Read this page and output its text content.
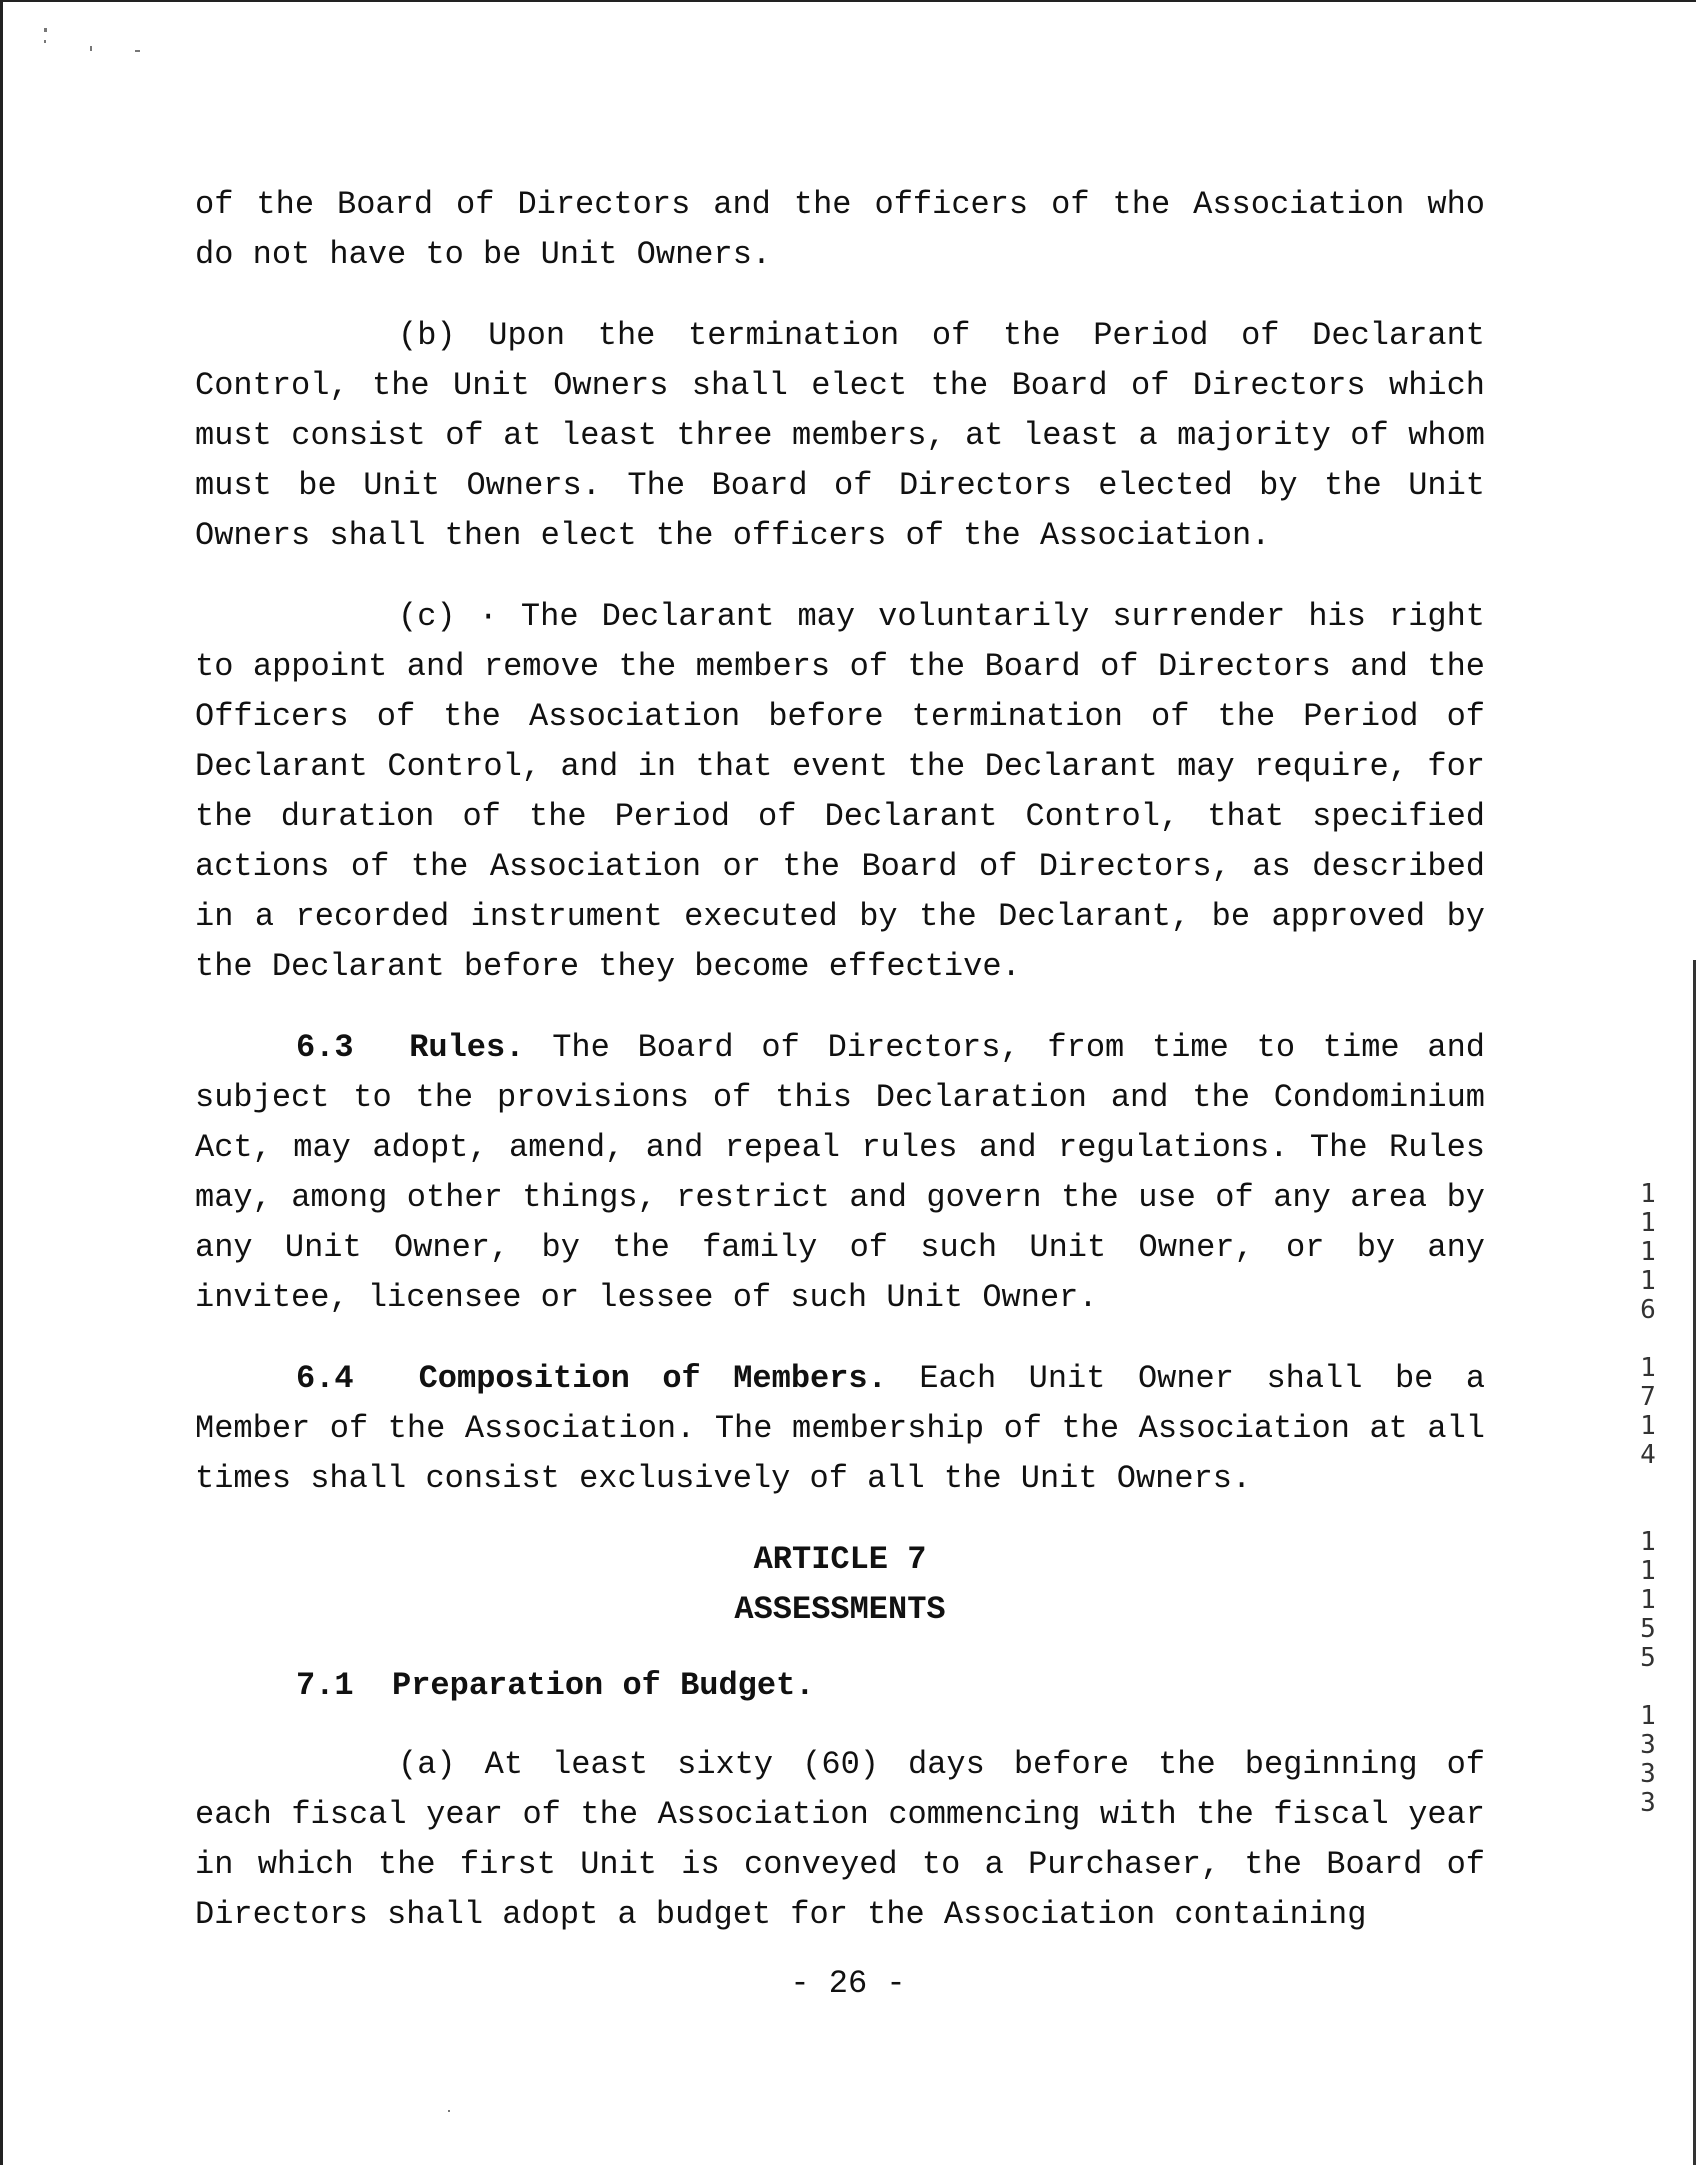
of the Board of Directors and the officers of the Association who do not have to be Unit Owners.

(b) Upon the termination of the Period of Declarant Control, the Unit Owners shall elect the Board of Directors which must consist of at least three members, at least a majority of whom must be Unit Owners. The Board of Directors elected by the Unit Owners shall then elect the officers of the Association.

(c) · The Declarant may voluntarily surrender his right to appoint and remove the members of the Board of Directors and the Officers of the Association before termination of the Period of Declarant Control, and in that event the Declarant may require, for the duration of the Period of Declarant Control, that specified actions of the Association or the Board of Directors, as described in a recorded instrument executed by the Declarant, be approved by the Declarant before they become effective.

6.3 Rules. The Board of Directors, from time to time and subject to the provisions of this Declaration and the Condominium Act, may adopt, amend, and repeal rules and regulations. The Rules may, among other things, restrict and govern the use of any area by any Unit Owner, by the family of such Unit Owner, or by any invitee, licensee or lessee of such Unit Owner.

6.4 Composition of Members. Each Unit Owner shall be a Member of the Association. The membership of the Association at all times shall consist exclusively of all the Unit Owners.

ARTICLE 7

ASSESSMENTS

7.1 Preparation of Budget.

(a) At least sixty (60) days before the beginning of each fiscal year of the Association commencing with the fiscal year in which the first Unit is conveyed to a Purchaser, the Board of Directors shall adopt a budget for the Association containing

- 26 -
1
1
1
1
6

1
7
1
4

1
1
1
5
5

1
3
3
3
